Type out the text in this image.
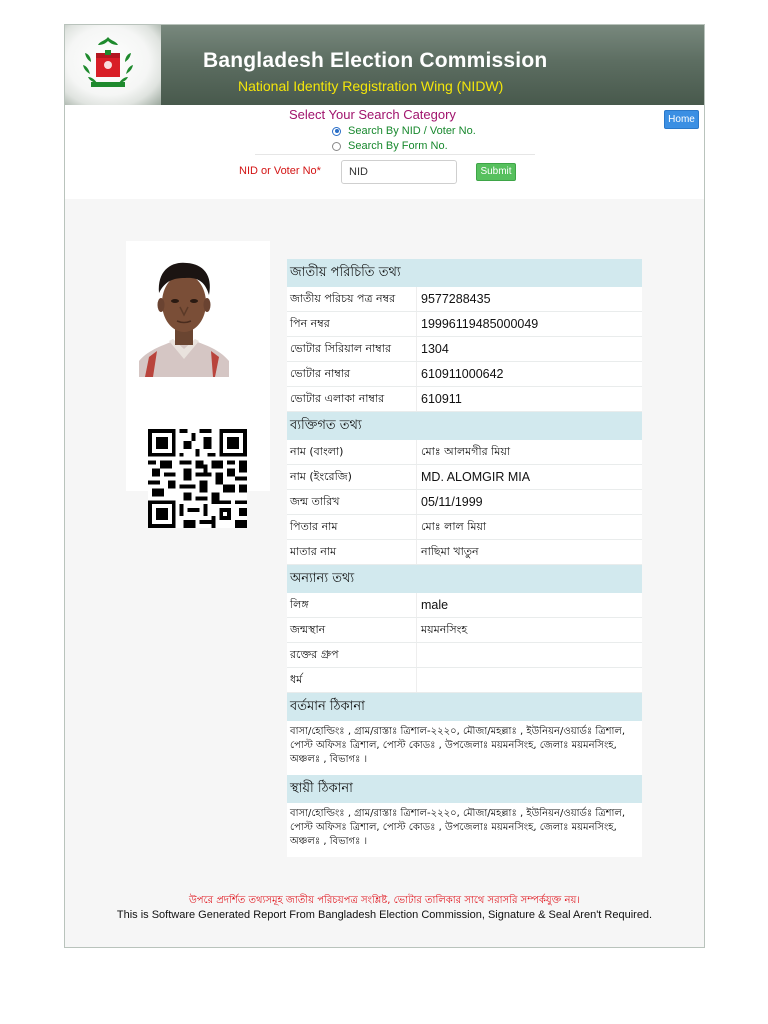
Bangladesh Election Commission
National Identity Registration Wing (NIDW)
Select Your Search Category
Search By NID / Voter No.
Search By Form No.
NID or Voter No*	NID	Submit
Home
জাতীয় পরিচিতি তথ্য
জাতীয় পরিচয় পত্র নম্বর	9577288435
পিন নম্বর	19996119485000049
ভোটার সিরিয়াল নাম্বার	1304
ভোটার নাম্বার	610911000642
ভোটার এলাকা নাম্বার	610911
ব্যক্তিগত তথ্য
নাম (বাংলা)	মোঃ আলমগীর মিয়া
নাম (ইংরেজি)	MD. ALOMGIR MIA
জন্ম তারিখ	05/11/1999
পিতার নাম	মোঃ লাল মিয়া
মাতার নাম	নাছিমা খাতুন
অন্যান্য তথ্য
লিঙ্গ	male
জন্মস্থান	ময়মনসিংহ
রক্তের গ্রুপ
ধর্ম
বর্তমান ঠিকানা
বাসা/হোল্ডিংঃ , গ্রাম/রাস্তাঃ ত্রিশাল-২২২০, মৌজা/মহল্লাঃ , ইউনিয়ন/ওয়ার্ডঃ ত্রিশাল, পোস্ট অফিসঃ ত্রিশাল, পোস্ট কোডঃ , উপজেলাঃ ময়মনসিংহ, জেলাঃ ময়মনসিংহ, অঞ্চলঃ , বিভাগঃ ।
স্থায়ী ঠিকানা
বাসা/হোল্ডিংঃ , গ্রাম/রাস্তাঃ ত্রিশাল-২২২০, মৌজা/মহল্লাঃ , ইউনিয়ন/ওয়ার্ডঃ ত্রিশাল, পোস্ট অফিসঃ ত্রিশাল, পোস্ট কোডঃ , উপজেলাঃ ময়মনসিংহ, জেলাঃ ময়মনসিংহ, অঞ্চলঃ , বিভাগঃ ।
উপরে প্রদর্শিত তথ্যসমূহ জাতীয় পরিচয়পত্র সংশ্লিষ্ট, ভোটার তালিকার সাথে সরাসরি সম্পর্কযুক্ত নয়।
This is Software Generated Report From Bangladesh Election Commission, Signature & Seal Aren't Required.
